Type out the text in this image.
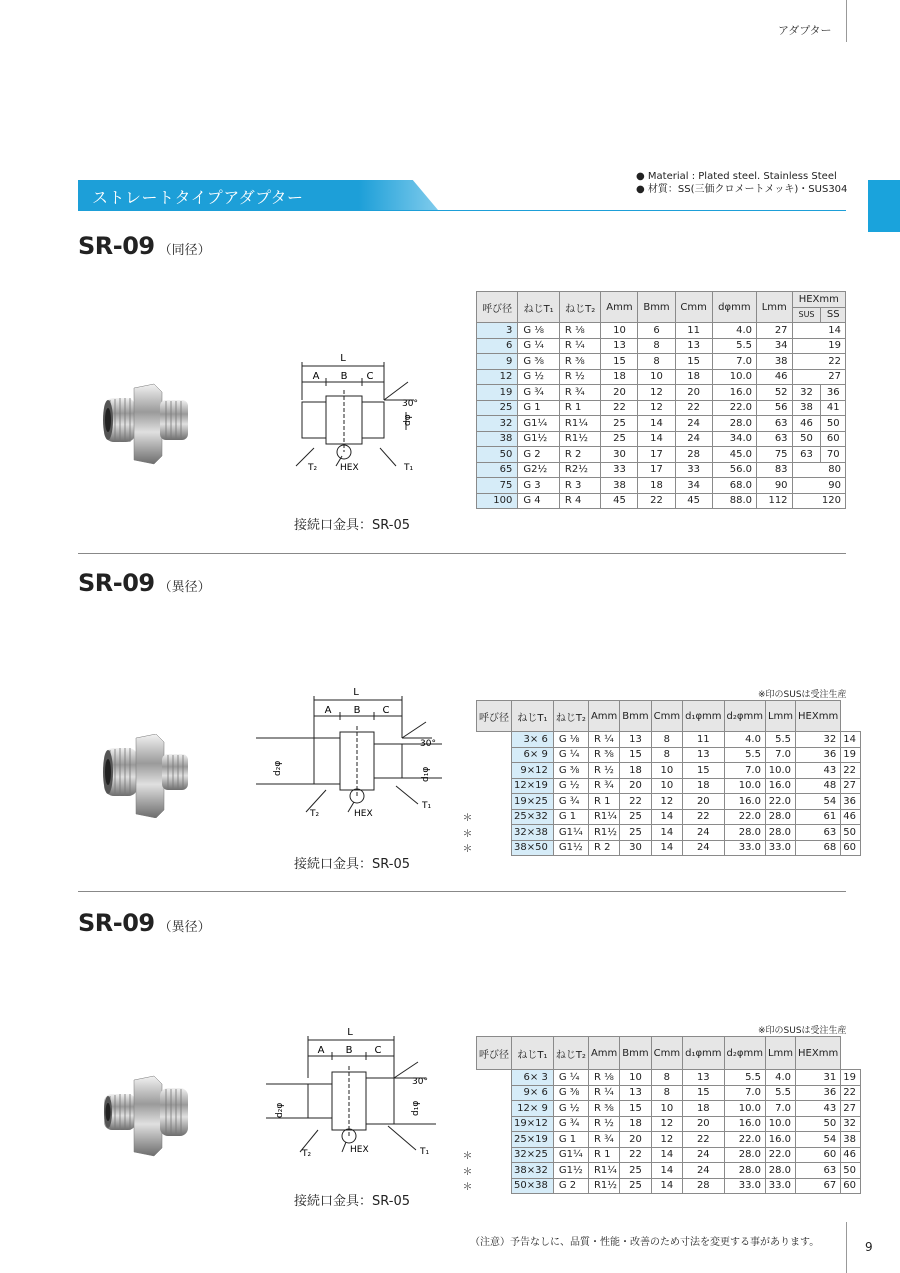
アダプター
ストレートタイプアダプター
● Material : Plated steel. Stainless Steel
● 材質：SS(三価クロメートメッキ)・SUS304
SR-09 （同径）
L
A B C
30°
dφ
T₂	HEX	T₁
接続口金具：SR-05
呼び径	ねじT₁	ねじT₂	Amm	Bmm	Cmm	dφmm	Lmm	HEXmm	
								SUS	SS
3	G ⅛	R ⅛	10	6	11	4.0	27	14	
6	G ¼	R ¼	13	8	13	5.5	34	19	
9	G ⅜	R ⅜	15	8	15	7.0	38	22	
12	G ½	R ½	18	10	18	10.0	46	27	
19	G ¾	R ¾	20	12	20	16.0	52	32	36
25	G 1	R 1	22	12	22	22.0	56	38	41
32	G1¼	R1¼	25	14	24	28.0	63	46	50
38	G1½	R1½	25	14	24	34.0	63	50	60
50	G 2	R 2	30	17	28	45.0	75	63	70
65	G2½	R2½	33	17	33	56.0	83	80	
75	G 3	R 3	38	18	34	68.0	90	90	
100	G 4	R 4	45	22	45	88.0	112	120	
SR-09 （異径）
L
A B C
30°
d₂φ	d₁φ
T₂	HEX
T₁
接続口金具：SR-05
※印のSUSは受注生産
呼び径	ねじT₁	ねじT₂	Amm	Bmm	Cmm	d₁φmm	d₂φmm	Lmm	HEXmm	

3× 6	G ⅛	R ¼	13	8	11	4.0	5.5	32	14

6× 9	G ¼	R ⅜	15	8	13	5.5	7.0	36	19

9×12	G ⅜	R ½	18	10	15	7.0	10.0	43	22

12×19	G ½	R ¾	20	10	18	10.0	16.0	48	27

19×25	G ¾	R 1	22	12	20	16.0	22.0	54	36

＊	25×32	G 1	R1¼	25	14	22	22.0	28.0	61	46

＊	32×38	G1¼	R1½	25	14	24	28.0	28.0	63	50

＊	38×50	G1½	R 2	30	14	24	33.0	33.0	68	60
SR-09 （異径）
L
A B C
30°
d₂φ	d₁φ
T₂	HEX	T₁
接続口金具：SR-05
※印のSUSは受注生産
呼び径	ねじT₁	ねじT₂	Amm	Bmm	Cmm	d₁φmm	d₂φmm	Lmm	HEXmm	

6× 3	G ¼	R ⅛	10	8	13	5.5	4.0	31	19

9× 6	G ⅜	R ¼	13	8	15	7.0	5.5	36	22

12× 9	G ½	R ⅜	15	10	18	10.0	7.0	43	27

19×12	G ¾	R ½	18	12	20	16.0	10.0	50	32

25×19	G 1	R ¾	20	12	22	22.0	16.0	54	38

＊	32×25	G1¼	R 1	22	14	24	28.0	22.0	60	46

＊	38×32	G1½	R1¼	25	14	24	28.0	28.0	63	50

＊	50×38	G 2	R1½	25	14	28	33.0	33.0	67	60
（注意）予告なしに、品質・性能・改善のため寸法を変更する事があります。	9
